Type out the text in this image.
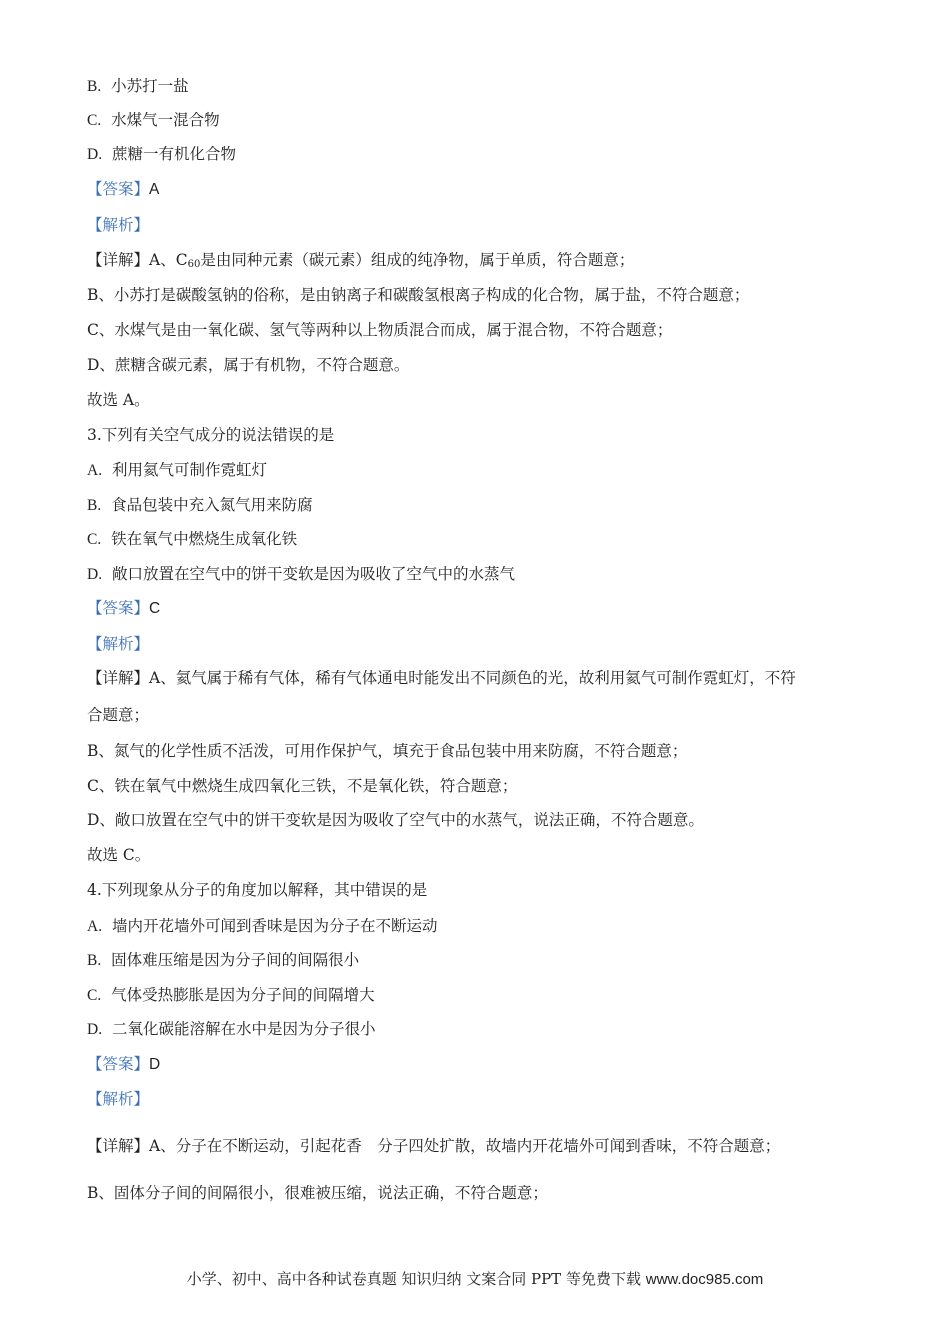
B. 小苏打一盐
C. 水煤气一混合物
D. 蔗糖一有机化合物
【答案】A
【解析】
【详解】A、$C_{60}$是由同种元素（碳元素）组成的纯净物，属于单质，符合题意；
B、小苏打是碳酸氢钠的俗称，是由钠离子和碳酸氢根离子构成的化合物，属于盐，不符合题意；
C、水煤气是由一氧化碳、氢气等两种以上物质混合而成，属于混合物，不符合题意；
D、蔗糖含碳元素，属于有机物，不符合题意。
故选 A。
3.下列有关空气成分的说法错误的是
A. 利用氦气可制作霓虹灯
B. 食品包装中充入氮气用来防腐
C. 铁在氧气中燃烧生成氧化铁
D. 敞口放置在空气中的饼干变软是因为吸收了空气中的水蒸气
【答案】C
【解析】
【详解】A、氦气属于稀有气体，稀有气体通电时能发出不同颜色的光，故利用氦气可制作霓虹灯，不符
合题意；
B、氮气的化学性质不活泼，可用作保护气，填充于食品包装中用来防腐，不符合题意；
C、铁在氧气中燃烧生成四氧化三铁，不是氧化铁，符合题意；
D、敞口放置在空气中的饼干变软是因为吸收了空气中的水蒸气，说法正确，不符合题意。
故选 C。
4.下列现象从分子的角度加以解释，其中错误的是
A. 墙内开花墙外可闻到香味是因为分子在不断运动
B. 固体难压缩是因为分子间的间隔很小
C. 气体受热膨胀是因为分子间的间隔增大
D. 二氧化碳能溶解在水中是因为分子很小
【答案】D
【解析】
【详解】A、分子在不断运动，引起花香　分子四处扩散，故墙内开花墙外可闻到香味，不符合题意；
B、固体分子间的间隔很小，很难被压缩，说法正确，不符合题意；
小学、初中、高中各种试卷真题 知识归纳 文案合同 PPT 等免费下载 www.doc985.com
